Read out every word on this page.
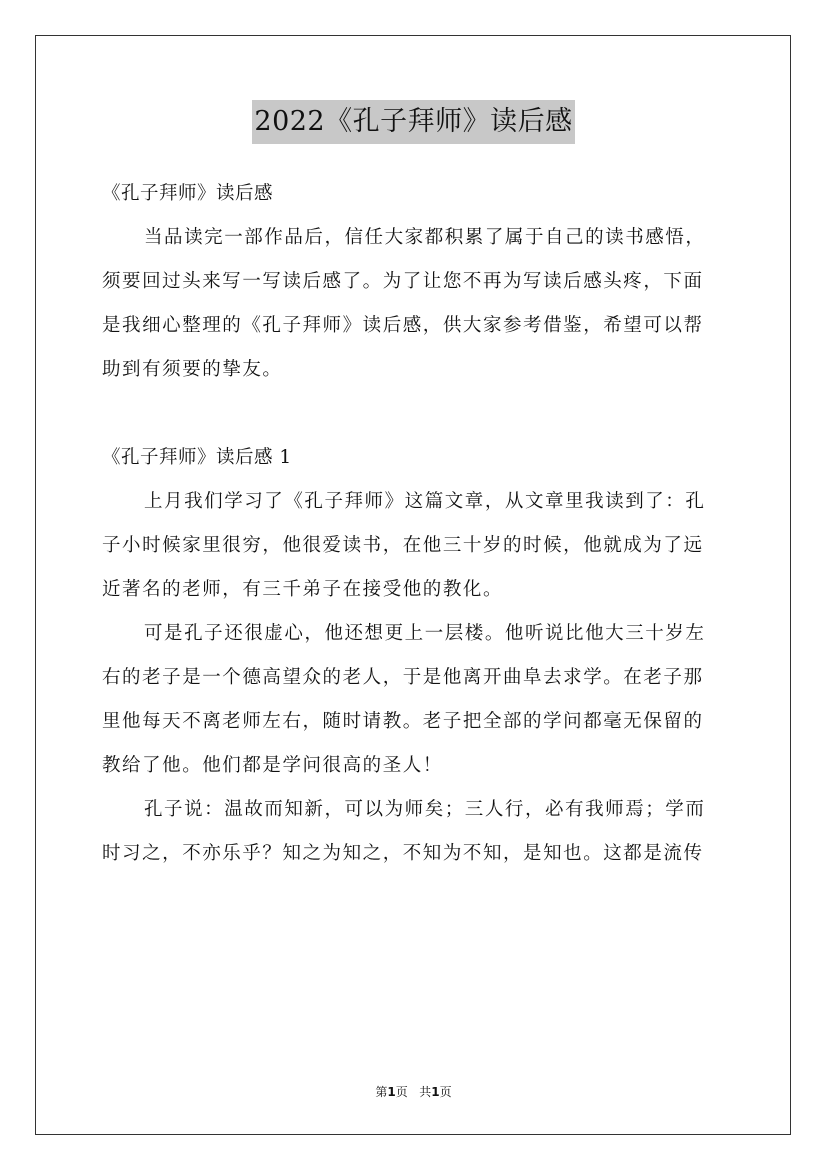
2022《孔子拜师》读后感
《孔子拜师》读后感
当品读完一部作品后，信任大家都积累了属于自己的读书感悟，
须要回过头来写一写读后感了。为了让您不再为写读后感头疼，下面
是我细心整理的《孔子拜师》读后感，供大家参考借鉴，希望可以帮
助到有须要的挚友。
《孔子拜师》读后感 1
上月我们学习了《孔子拜师》这篇文章，从文章里我读到了：孔
子小时候家里很穷，他很爱读书，在他三十岁的时候，他就成为了远
近著名的老师，有三千弟子在接受他的教化。
可是孔子还很虚心，他还想更上一层楼。他听说比他大三十岁左
右的老子是一个德高望众的老人，于是他离开曲阜去求学。在老子那
里他每天不离老师左右，随时请教。老子把全部的学问都毫无保留的
教给了他。他们都是学问很高的圣人！
孔子说：温故而知新，可以为师矣；三人行，必有我师焉；学而
时习之，不亦乐乎？知之为知之，不知为不知，是知也。这都是流传
第1页 共1页
